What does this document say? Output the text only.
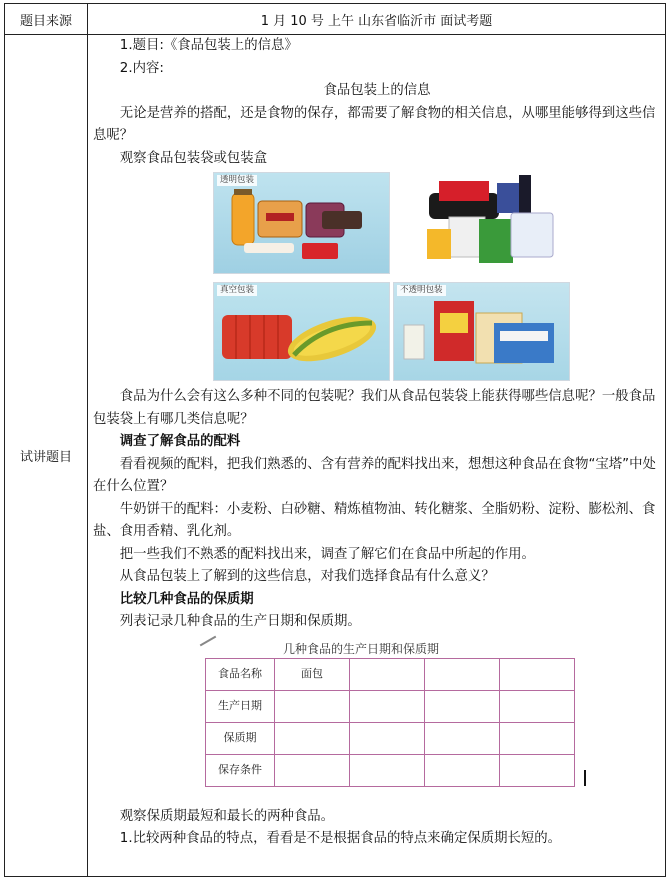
题目来源	1 月 10 号 上午 山东省临沂市 面试考题
试讲题目

1.题目:《食品包装上的信息》

2.内容:

食品包装上的信息

无论是营养的搭配，还是食物的保存，都需要了解食物的相关信息，从哪里能够得到这些信息呢？

观察食品包装袋或包装盒

透明包装
真空包装	不透明包装

食品为什么会有这么多种不同的包装呢？我们从食品包装袋上能获得哪些信息呢？一般食品包装袋上有哪几类信息呢？

调查了解食品的配料

看看视频的配料，把我们熟悉的、含有营养的配料找出来，想想这种食品在食物“宝塔”中处在什么位置？

牛奶饼干的配料：小麦粉、白砂糖、精炼植物油、转化糖浆、全脂奶粉、淀粉、膨松剂、食盐、食用香精、乳化剂。

把一些我们不熟悉的配料找出来，调查了解它们在食品中所起的作用。

从食品包装上了解到的这些信息，对我们选择食品有什么意义？

比较几种食品的保质期

列表记录几种食品的生产日期和保质期。

几种食品的生产日期和保质期
食品名称	面包			
生产日期				
保质期				
保存条件				

观察保质期最短和最长的两种食品。

1.比较两种食品的特点，看看是不是根据食品的特点来确定保质期长短的。
